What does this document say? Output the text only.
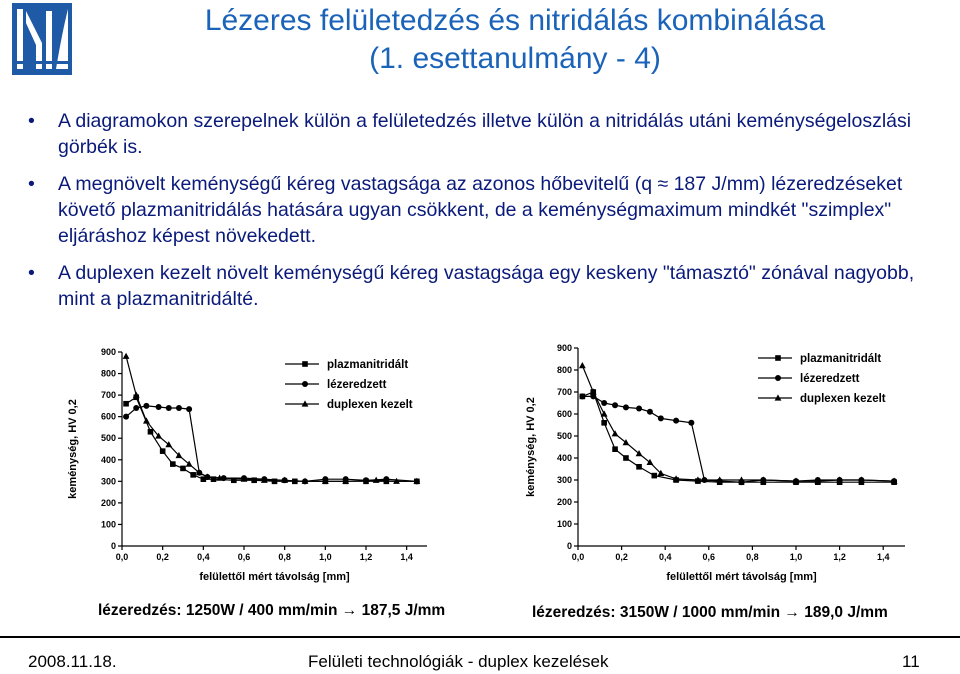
Lézeres felületedzés és nitridálás kombinálása
(1. esettanulmány - 4)
• A diagramokon szerepelnek külön a felületedzés illetve külön a nitridálás utáni keménységeloszlási görbék is.
• A megnövelt keménységű kéreg vastagsága az azonos hőbevitelű (q ≈ 187 J/mm) lézeredzéseket követő plazmanitridálás hatására ugyan csökkent, de a keménységmaximum mindkét "szimplex" eljáráshoz képest növekedett.
• A duplexen kezelt növelt keménységű kéreg vastagsága egy keskeny "támasztó" zónával nagyobb, mint a plazmanitridálté.
0
100
200
300
400
500
600
700
800
900
0,0	0,2	0,4	0,6	0,8	1,0	1,2	1,4
felülettől mért távolság [mm]
keménység, HV 0,2
plazmanitridált
lézeredzett
duplexen kezelt
0
100
200
300
400
500
600
700
800
900
0,0	0,2	0,4	0,6	0,8	1,0	1,2	1,4
felülettől mért távolság [mm]
keménység, HV 0,2
plazmanitridált
lézeredzett
duplexen kezelt
lézeredzés: 1250W / 400 mm/min → 187,5 J/mm	lézeredzés: 3150W / 1000 mm/min → 189,0 J/mm
2008.11.18.	Felületi technológiák - duplex kezelések	11
